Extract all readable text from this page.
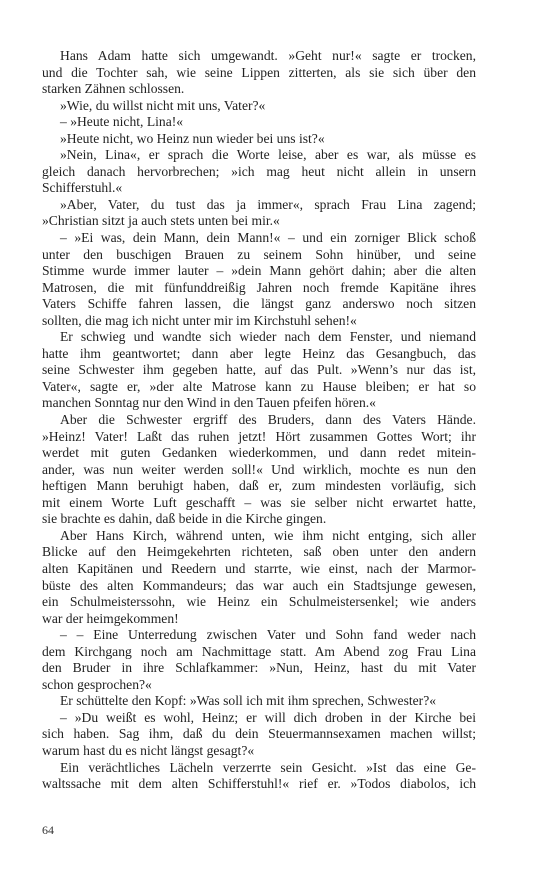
Hans Adam hatte sich umgewandt. »Geht nur!« sagte er trocken,
und die Tochter sah, wie seine Lippen zitterten, als sie sich über den
starken Zähnen schlossen.
»Wie, du willst nicht mit uns, Vater?«
– »Heute nicht, Lina!«
»Heute nicht, wo Heinz nun wieder bei uns ist?«
»Nein, Lina«, er sprach die Worte leise, aber es war, als müsse es
gleich danach hervorbrechen; »ich mag heut nicht allein in unsern
Schifferstuhl.«
»Aber, Vater, du tust das ja immer«, sprach Frau Lina zagend;
»Christian sitzt ja auch stets unten bei mir.«
– »Ei was, dein Mann, dein Mann!« – und ein zorniger Blick schoß
unter den buschigen Brauen zu seinem Sohn hinüber, und seine
Stimme wurde immer lauter – »dein Mann gehört dahin; aber die alten
Matrosen, die mit fünfunddreißig Jahren noch fremde Kapitäne ihres
Vaters Schiffe fahren lassen, die längst ganz anderswo noch sitzen
sollten, die mag ich nicht unter mir im Kirchstuhl sehen!«
Er schwieg und wandte sich wieder nach dem Fenster, und niemand
hatte ihm geantwortet; dann aber legte Heinz das Gesangbuch, das
seine Schwester ihm gegeben hatte, auf das Pult. »Wenn’s nur das ist,
Vater«, sagte er, »der alte Matrose kann zu Hause bleiben; er hat so
manchen Sonntag nur den Wind in den Tauen pfeifen hören.«
Aber die Schwester ergriff des Bruders, dann des Vaters Hände.
»Heinz! Vater! Laßt das ruhen jetzt! Hört zusammen Gottes Wort; ihr
werdet mit guten Gedanken wiederkommen, und dann redet mitein-
ander, was nun weiter werden soll!« Und wirklich, mochte es nun den
heftigen Mann beruhigt haben, daß er, zum mindesten vorläufig, sich
mit einem Worte Luft geschafft – was sie selber nicht erwartet hatte,
sie brachte es dahin, daß beide in die Kirche gingen.
Aber Hans Kirch, während unten, wie ihm nicht entging, sich aller
Blicke auf den Heimgekehrten richteten, saß oben unter den andern
alten Kapitänen und Reedern und starrte, wie einst, nach der Marmor-
büste des alten Kommandeurs; das war auch ein Stadtsjunge gewesen,
ein Schulmeisterssohn, wie Heinz ein Schulmeistersenkel; wie anders
war der heimgekommen!
– – Eine Unterredung zwischen Vater und Sohn fand weder nach
dem Kirchgang noch am Nachmittage statt. Am Abend zog Frau Lina
den Bruder in ihre Schlafkammer: »Nun, Heinz, hast du mit Vater
schon gesprochen?«
Er schüttelte den Kopf: »Was soll ich mit ihm sprechen, Schwester?«
– »Du weißt es wohl, Heinz; er will dich droben in der Kirche bei
sich haben. Sag ihm, daß du dein Steuermannsexamen machen willst;
warum hast du es nicht längst gesagt?«
Ein verächtliches Lächeln verzerrte sein Gesicht. »Ist das eine Ge-
waltssache mit dem alten Schifferstuhl!« rief er. »Todos diabolos, ich
64
